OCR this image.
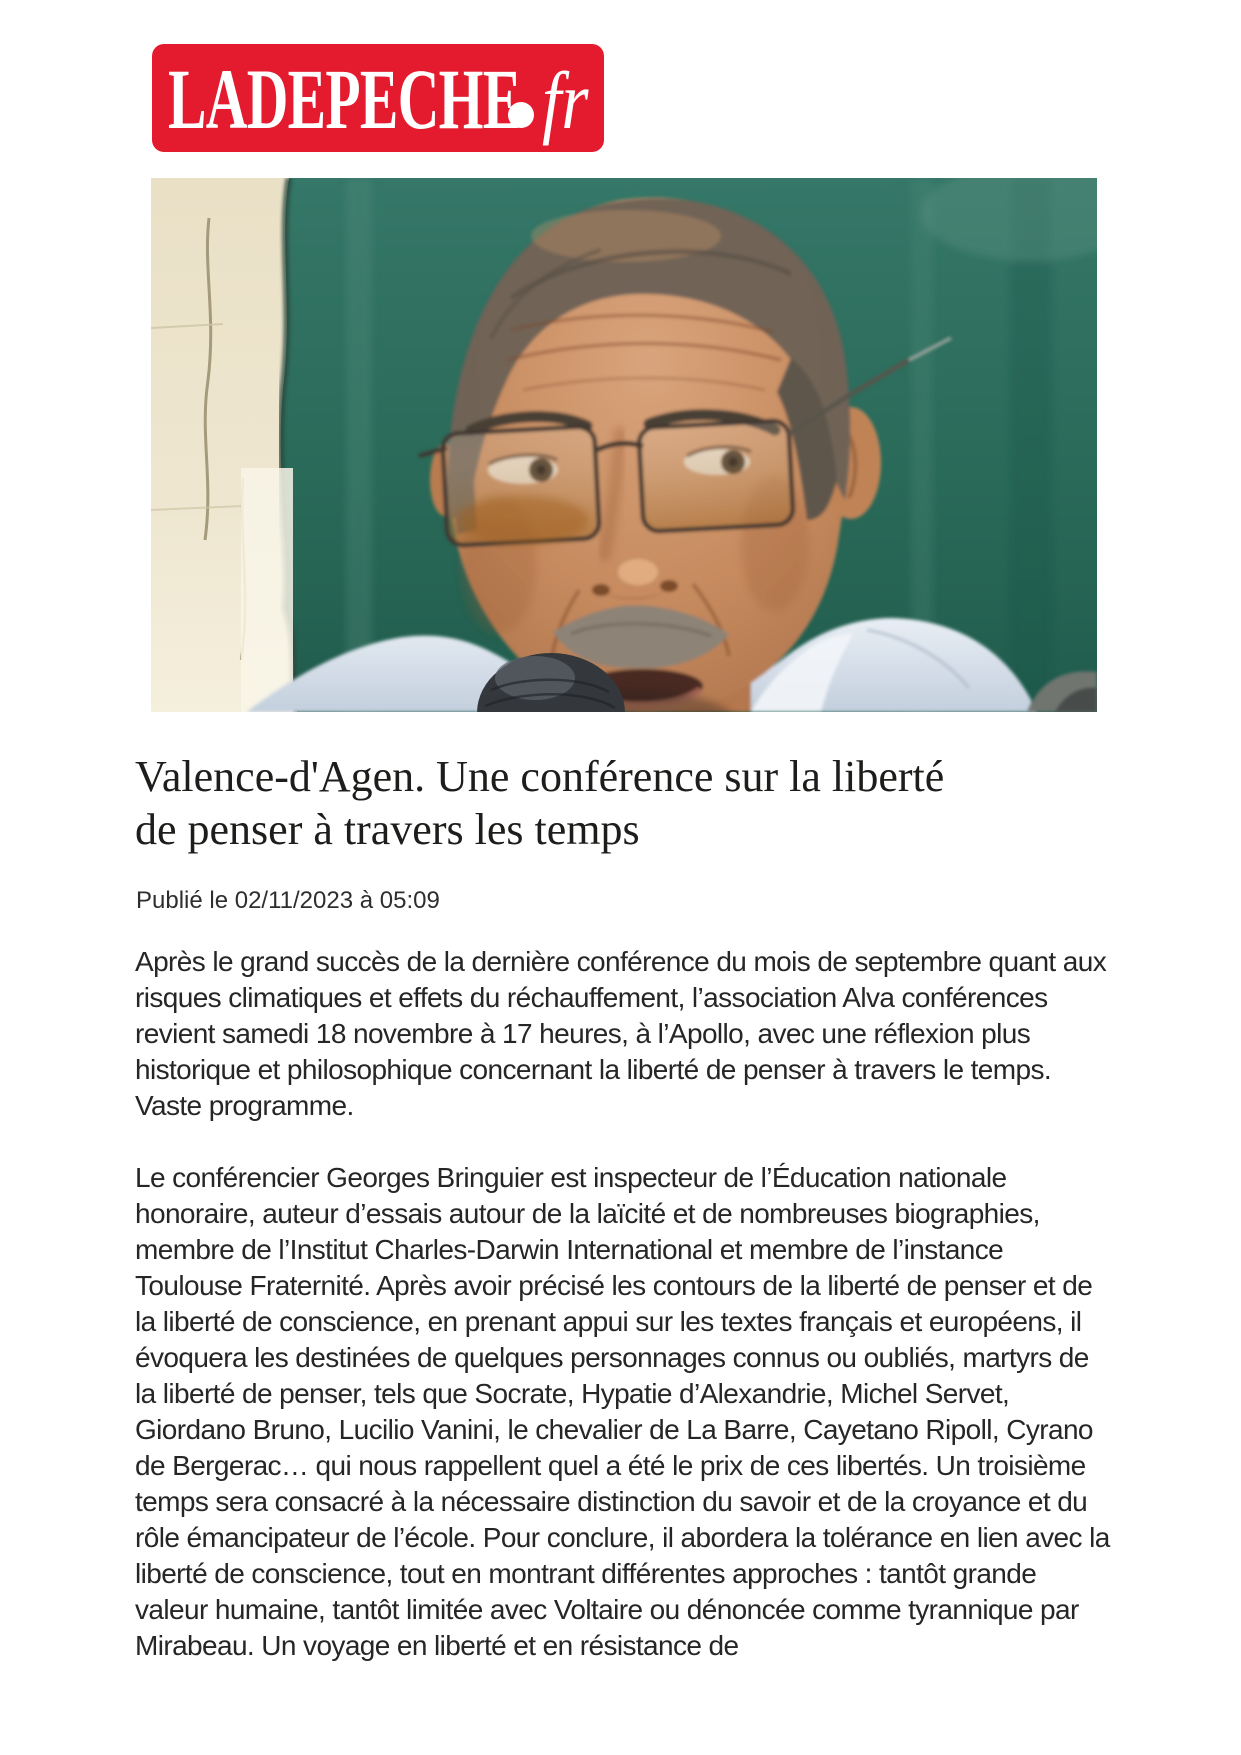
LADEPECHE fr
Valence-d'Agen. Une conférence sur la liberté
de penser à travers les temps

Publié le 02/11/2023 à 05:09

Après le grand succès de la dernière conférence du mois de septembre quant aux risques climatiques et effets du réchauffement, l’association Alva conférences revient samedi 18 novembre à 17 heures, à l’Apollo, avec une réflexion plus historique et philosophique concernant la liberté de penser à travers le temps. Vaste programme.

Le conférencier Georges Bringuier est inspecteur de l’Éducation nationale honoraire, auteur d’essais autour de la laïcité et de nombreuses biographies, membre de l’Institut Charles-Darwin International et membre de l’instance Toulouse Fraternité. Après avoir précisé les contours de la liberté de penser et de la liberté de conscience, en prenant appui sur les textes français et européens, il évoquera les destinées de quelques personnages connus ou oubliés, martyrs de la liberté de penser, tels que Socrate, Hypatie d’Alexandrie, Michel Servet, Giordano Bruno, Lucilio Vanini, le chevalier de La Barre, Cayetano Ripoll, Cyrano de Bergerac… qui nous rappellent quel a été le prix de ces libertés. Un troisième temps sera consacré à la nécessaire distinction du savoir et de la croyance et du rôle émancipateur de l’école. Pour conclure, il abordera la tolérance en lien avec la liberté de conscience, tout en montrant différentes approches : tantôt grande valeur humaine, tantôt limitée avec Voltaire ou dénoncée comme tyrannique par Mirabeau. Un voyage en liberté et en résistance de
